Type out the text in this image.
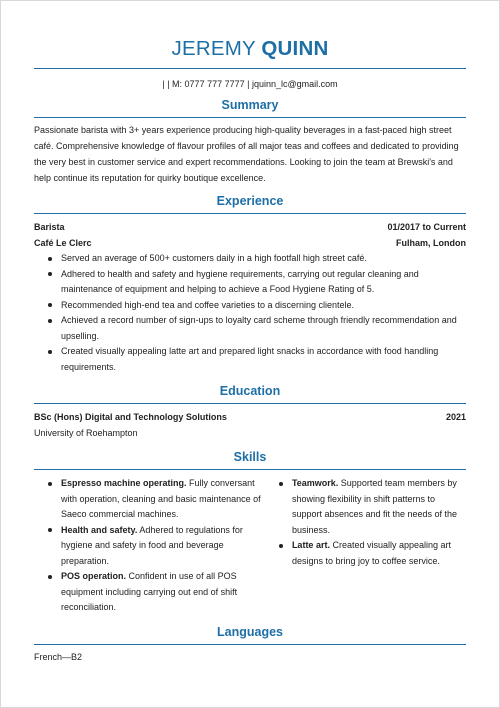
JEREMY QUINN
| | M: 0777 777 7777 | jquinn_lc@gmail.com
Summary
Passionate barista with 3+ years experience producing high-quality beverages in a fast-paced high street café. Comprehensive knowledge of flavour profiles of all major teas and coffees and dedicated to providing the very best in customer service and expert recommendations. Looking to join the team at Brewski's and help continue its reputation for quirky boutique excellence.
Experience
Barista	01/2017 to Current
Café Le Clerc	Fulham, London
Served an average of 500+ customers daily in a high footfall high street café.
Adhered to health and safety and hygiene requirements, carrying out regular cleaning and maintenance of equipment and helping to achieve a Food Hygiene Rating of 5.
Recommended high-end tea and coffee varieties to a discerning clientele.
Achieved a record number of sign-ups to loyalty card scheme through friendly recommendation and upselling.
Created visually appealing latte art and prepared light snacks in accordance with food handling requirements.
Education
BSc (Hons) Digital and Technology Solutions	2021
University of Roehampton
Skills
Espresso machine operating. Fully conversant with operation, cleaning and basic maintenance of Saeco commercial machines.
Health and safety. Adhered to regulations for hygiene and safety in food and beverage preparation.
POS operation. Confident in use of all POS equipment including carrying out end of shift reconciliation.
Teamwork. Supported team members by showing flexibility in shift patterns to support absences and fit the needs of the business.
Latte art. Created visually appealing art designs to bring joy to coffee service.
Languages
French—B2
